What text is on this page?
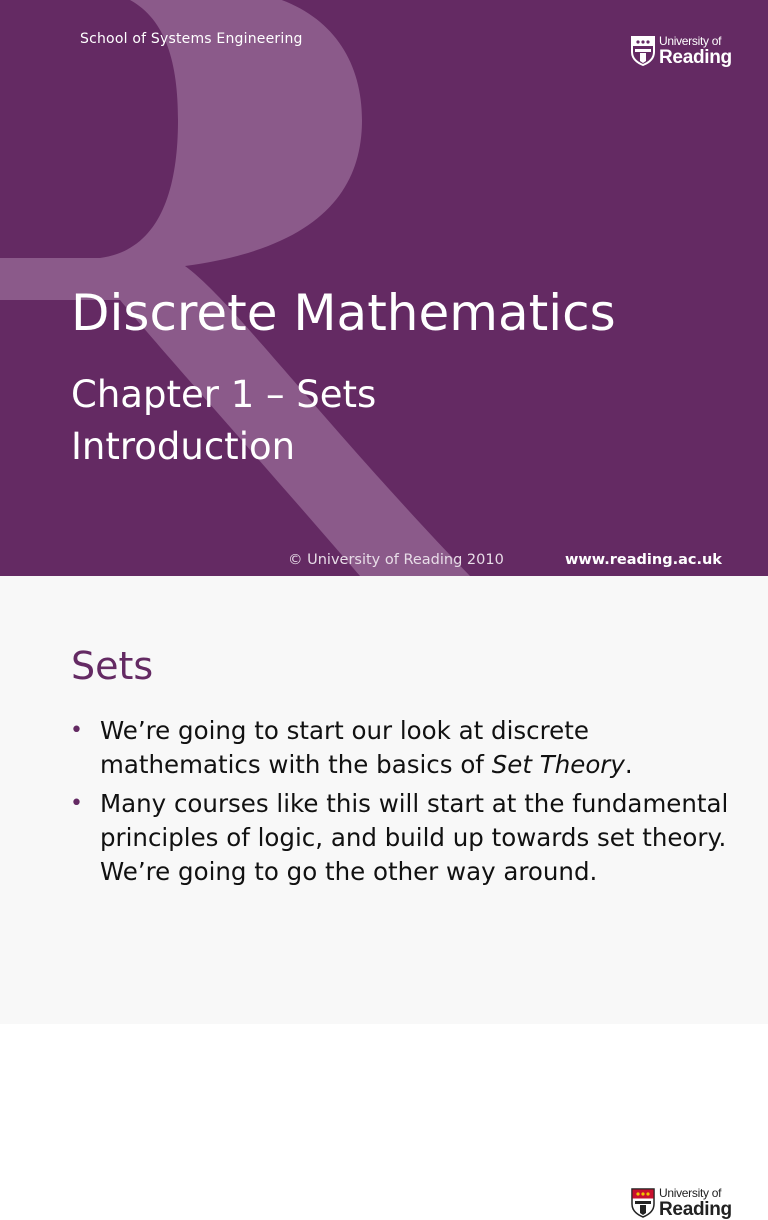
School of Systems Engineering	University of
Reading
Discrete Mathematics
Chapter 1 – Sets
Introduction
© University of Reading 2010	www.reading.ac.uk
University of
Reading
Sets
• We’re going to start our look at discrete mathematics with the basics of Set Theory.
• Many courses like this will start at the fundamental principles of logic, and build up towards set theory. We’re going to go the other way around.
